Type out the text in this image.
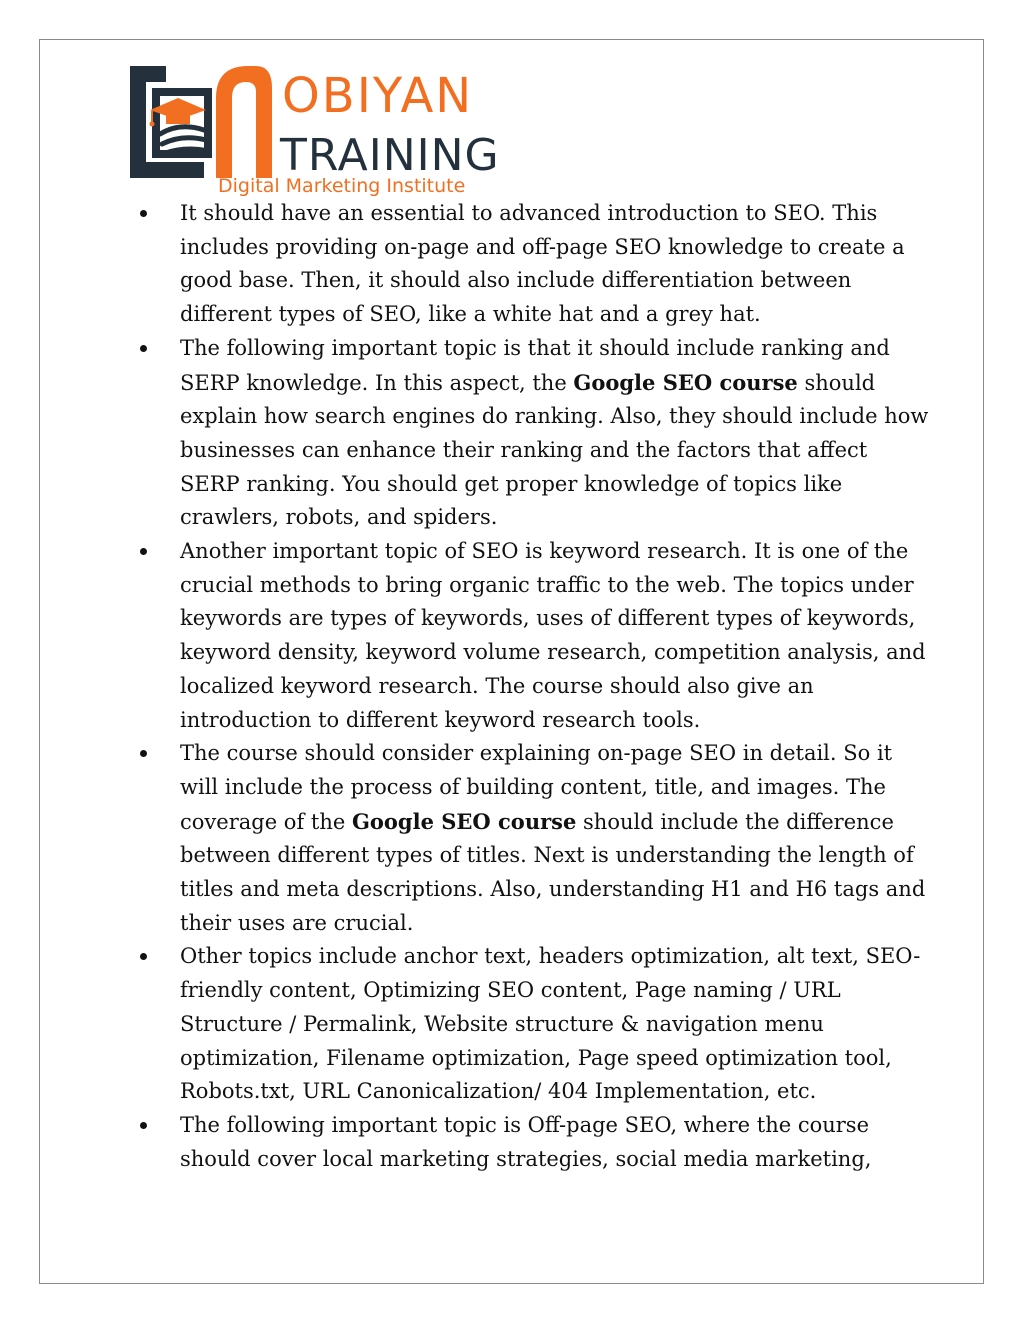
OBIYAN
TRAINING
Digital Marketing Institute
It should have an essential to advanced introduction to SEO. This includes providing on-page and off-page SEO knowledge to create a good base. Then, it should also include differentiation between different types of SEO, like a white hat and a grey hat.
The following important topic is that it should include ranking and SERP knowledge. In this aspect, the Google SEO course should explain how search engines do ranking. Also, they should include how businesses can enhance their ranking and the factors that affect SERP ranking. You should get proper knowledge of topics like crawlers, robots, and spiders.
Another important topic of SEO is keyword research. It is one of the crucial methods to bring organic traffic to the web. The topics under keywords are types of keywords, uses of different types of keywords, keyword density, keyword volume research, competition analysis, and localized keyword research. The course should also give an introduction to different keyword research tools.
The course should consider explaining on-page SEO in detail. So it will include the process of building content, title, and images. The coverage of the Google SEO course should include the difference between different types of titles. Next is understanding the length of titles and meta descriptions. Also, understanding H1 and H6 tags and their uses are crucial.
Other topics include anchor text, headers optimization, alt text, SEO-friendly content, Optimizing SEO content, Page naming / URL Structure / Permalink, Website structure & navigation menu optimization, Filename optimization, Page speed optimization tool, Robots.txt, URL Canonicalization/ 404 Implementation, etc.
The following important topic is Off-page SEO, where the course should cover local marketing strategies, social media marketing,
